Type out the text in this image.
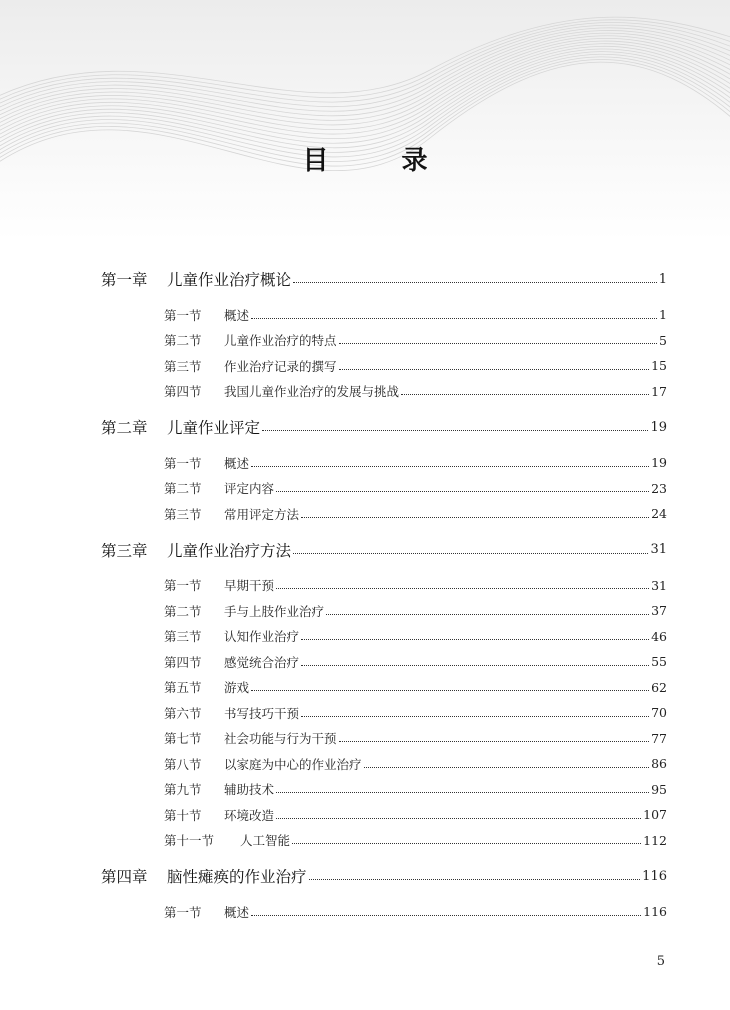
目 录
第一章	儿童作业治疗概论	1
第一节	概述	1
第二节	儿童作业治疗的特点	5
第三节	作业治疗记录的撰写	15
第四节	我国儿童作业治疗的发展与挑战	17
第二章	儿童作业评定	19
第一节	概述	19
第二节	评定内容	23
第三节	常用评定方法	24
第三章	儿童作业治疗方法	31
第一节	早期干预	31
第二节	手与上肢作业治疗	37
第三节	认知作业治疗	46
第四节	感觉统合治疗	55
第五节	游戏	62
第六节	书写技巧干预	70
第七节	社会功能与行为干预	77
第八节	以家庭为中心的作业治疗	86
第九节	辅助技术	95
第十节	环境改造	107
第十一节	人工智能	112
第四章	脑性瘫痪的作业治疗	116
第一节	概述	116
5
